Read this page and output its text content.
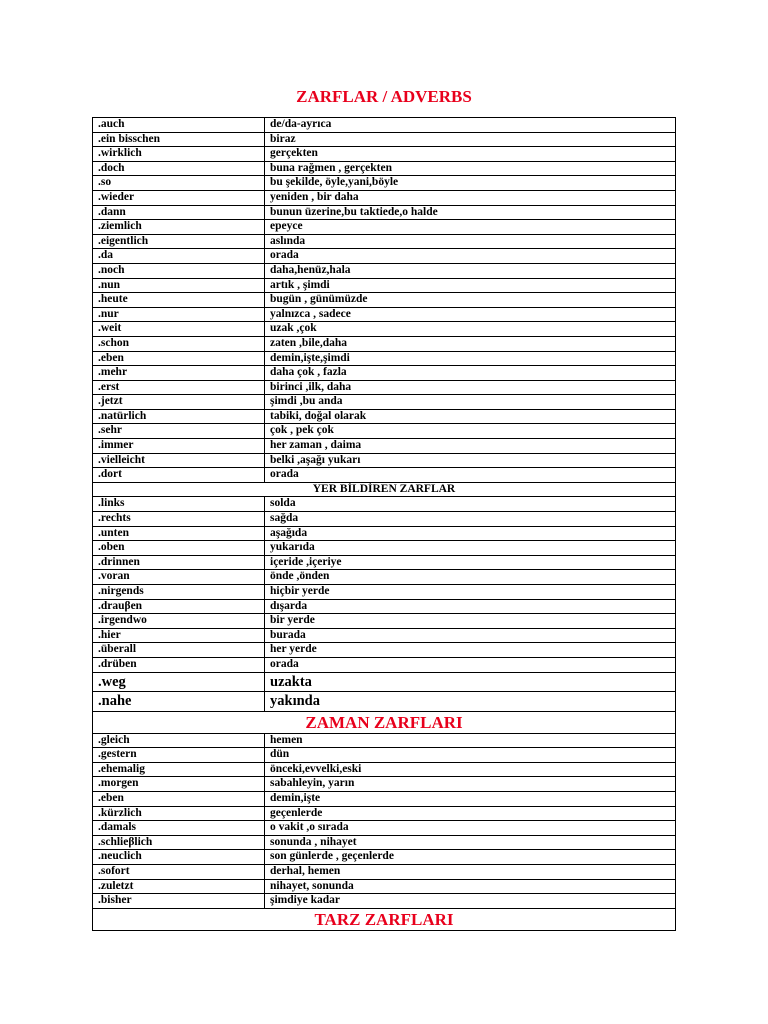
ZARFLAR / ADVERBS
.auch	de/da-ayrıca
.ein bisschen	biraz
.wirklich	gerçekten
.doch	buna rağmen , gerçekten
.so	bu şekilde, öyle,yani,böyle
.wieder	yeniden , bir daha
.dann	bunun üzerine,bu taktiede,o halde
.ziemlich	epeyce
.eigentlich	aslında
.da	orada
.noch	daha,henüz,hala
.nun	artık , şimdi
.heute	bugün , günümüzde
.nur	yalnızca , sadece
.weit	uzak ,çok
.schon	zaten ,bile,daha
.eben	demin,işte,şimdi
.mehr	daha çok , fazla
.erst	birinci ,ilk, daha
.jetzt	şimdi ,bu anda
.natürlich	tabiki, doğal olarak
.sehr	çok , pek çok
.immer	her zaman , daima
.vielleicht	belki ,aşağı yukarı
.dort	orada
YER BİLDİREN ZARFLAR	
.links	solda
.rechts	sağda
.unten	aşağıda
.oben	yukarıda
.drinnen	içeride ,içeriye
.voran	önde ,önden
.nirgends	hiçbir yerde
.drauβen	dışarda
.irgendwo	bir yerde
.hier	burada
.überall	her yerde
.drüben	orada
.weg	uzakta
.nahe	yakında
ZAMAN ZARFLARI	
.gleich	hemen
.gestern	dün
.ehemalig	önceki,evvelki,eski
.morgen	sabahleyin, yarın
.eben	demin,işte
.kürzlich	geçenlerde
.damals	o vakit ,o sırada
.schlieβlich	sonunda , nihayet
.neuclich	son günlerde , geçenlerde
.sofort	derhal, hemen
.zuletzt	nihayet, sonunda
.bisher	şimdiye kadar
TARZ ZARFLARI	
